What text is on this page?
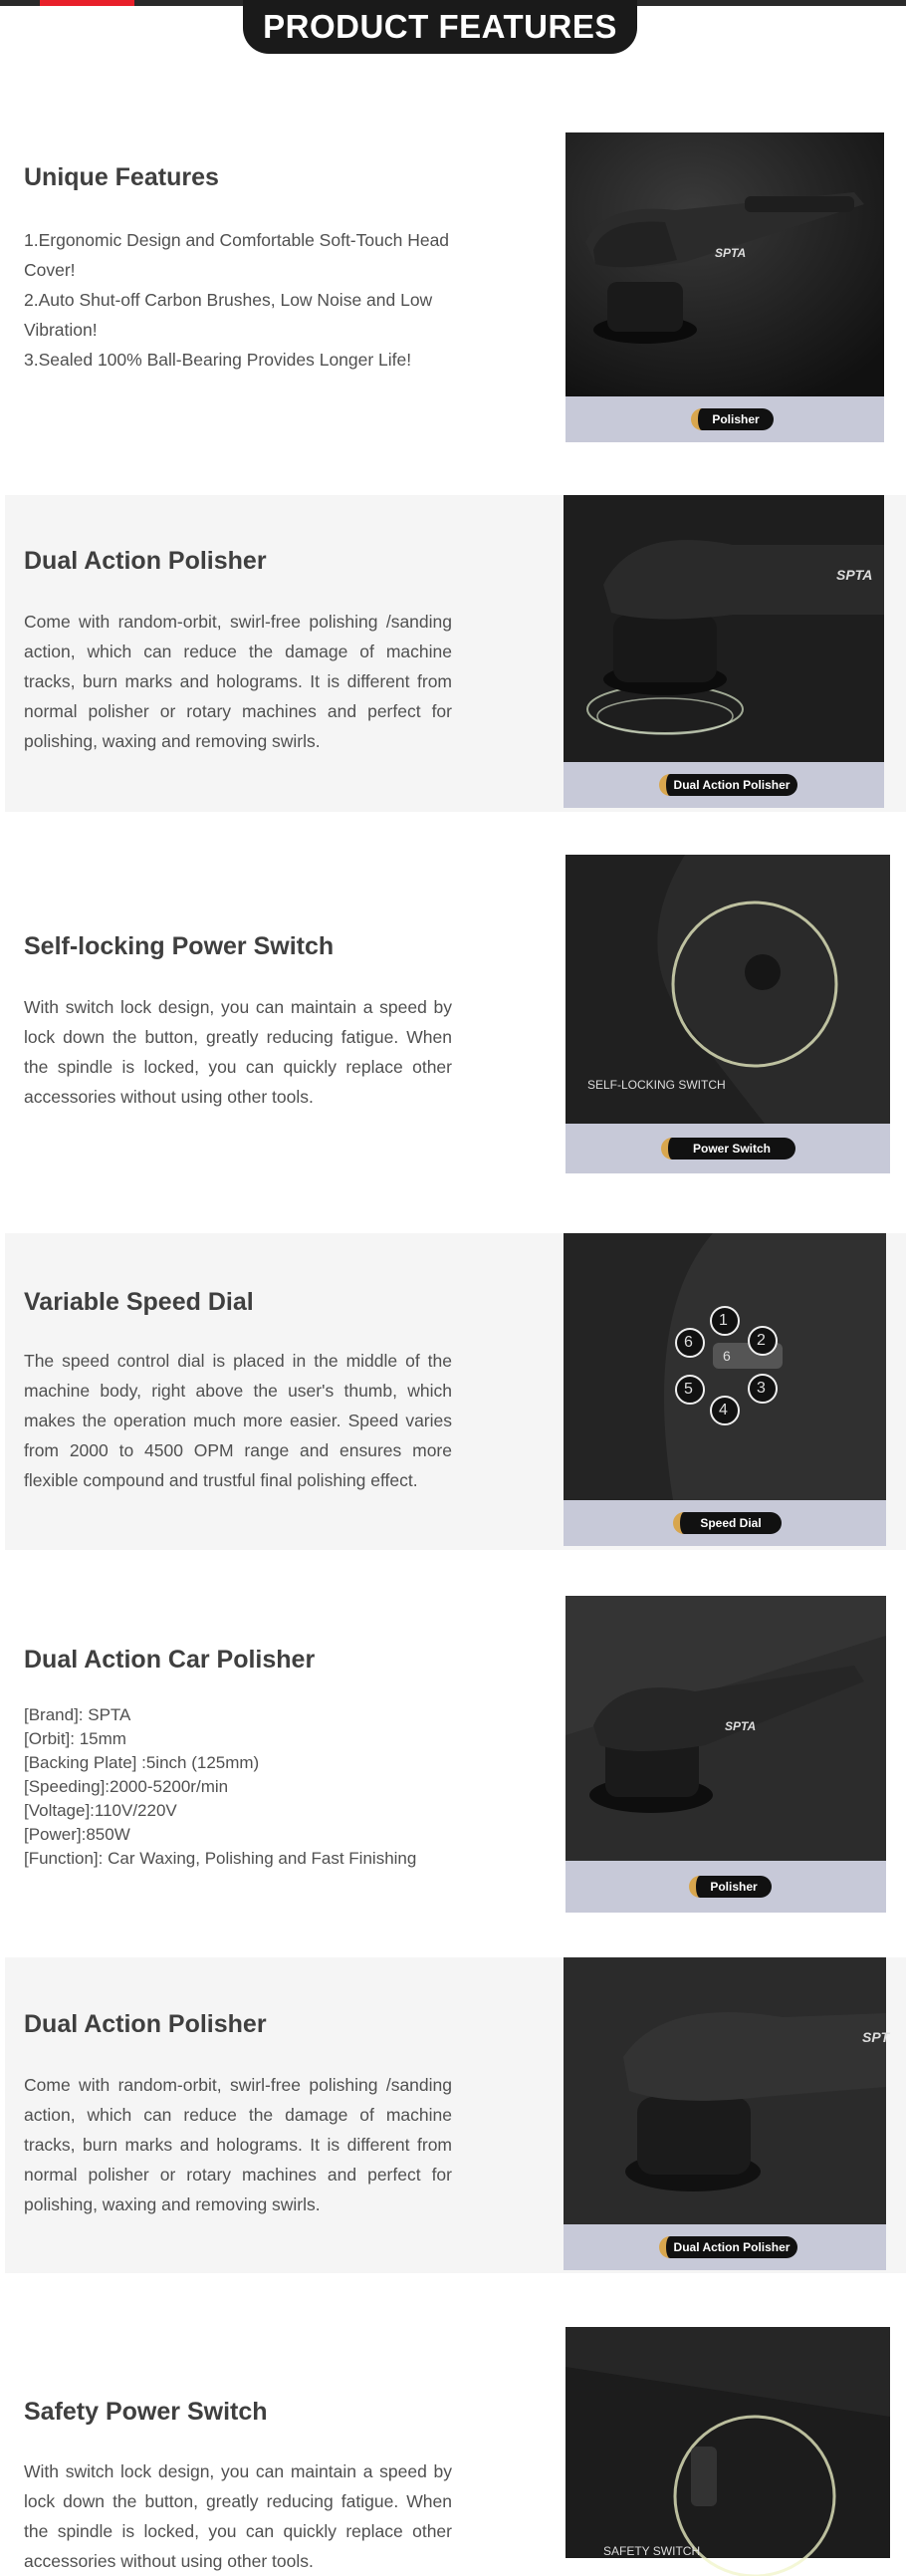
PRODUCT FEATURES
Unique Features
1.Ergonomic Design and Comfortable Soft-Touch Head Cover!
2.Auto Shut-off Carbon Brushes, Low Noise and Low Vibration!
3.Sealed 100% Ball-Bearing Provides Longer Life!
SPTA
Polisher
Dual Action Polisher
Come with random-orbit, swirl-free polishing /sanding action, which can reduce the damage of machine tracks, burn marks and holograms. It is different from normal polisher or rotary machines and perfect for polishing, waxing and removing swirls.
SPTA
Dual Action Polisher
Self-locking Power Switch
With switch lock design, you can maintain a speed by lock down the button, greatly reducing fatigue. When the spindle is locked, you can quickly replace other accessories without using other tools.
SELF-LOCKING SWITCH
Power Switch
Variable Speed Dial
The speed control dial is placed in the middle of the machine body, right above the user's thumb, which makes the operation much more easier. Speed varies from 2000 to 4500 OPM range and ensures more flexible compound and trustful final polishing effect.
1
2
3
4
5
6
6
Speed Dial
Dual Action Car Polisher
[Brand]: SPTA
[Orbit]: 15mm
[Backing Plate] :5inch (125mm)
[Speeding]:2000-5200r/min
[Voltage]:110V/220V
[Power]:850W
[Function]: Car Waxing, Polishing and Fast Finishing
SPTA
Polisher
Dual Action Polisher
Come with random-orbit, swirl-free polishing /sanding action, which can reduce the damage of machine tracks, burn marks and holograms. It is different from normal polisher or rotary machines and perfect for polishing, waxing and removing swirls.
SPT
Dual Action Polisher
Safety Power Switch
With switch lock design, you can maintain a speed by lock down the button, greatly reducing fatigue. When the spindle is locked, you can quickly replace other accessories without using other tools.	SAFETY SWITCH
